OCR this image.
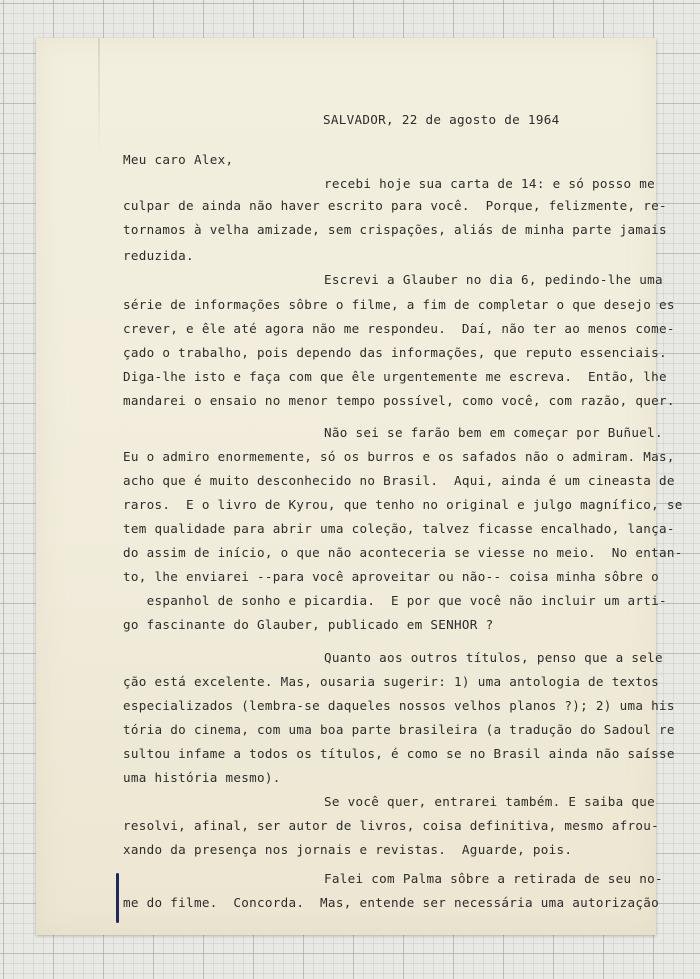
SALVADOR, 22 de agosto de 1964
Meu caro Alex,
recebi hoje sua carta de 14: e só posso me
culpar de ainda não haver escrito para você.  Porque, felizmente, re-
tornamos à velha amizade, sem crispações, aliás de minha parte jamais
reduzida.
Escrevi a Glauber no dia 6, pedindo-lhe uma
série de informações sôbre o filme, a fim de completar o que desejo es
crever, e êle até agora não me respondeu.  Daí, não ter ao menos come-
çado o trabalho, pois dependo das informações, que reputo essenciais.
Diga-lhe isto e faça com que êle urgentemente me escreva.  Então, lhe
mandarei o ensaio no menor tempo possível, como você, com razão, quer.
Não sei se farão bem em começar por Buñuel.
Eu o admiro enormemente, só os burros e os safados não o admiram. Mas,
acho que é muito desconhecido no Brasil.  Aqui, ainda é um cineasta de
raros.  E o livro de Kyrou, que tenho no original e julgo magnífico, se
tem qualidade para abrir uma coleção, talvez ficasse encalhado, lança-
do assim de início, o que não aconteceria se viesse no meio.  No entan-
to, lhe enviarei --para você aproveitar ou não-- coisa minha sôbre o
espanhol de sonho e picardia.  E por que você não incluir um arti-
go fascinante do Glauber, publicado em SENHOR ?
Quanto aos outros títulos, penso que a sele
ção está excelente. Mas, ousaria sugerir: 1) uma antologia de textos
especializados (lembra-se daqueles nossos velhos planos ?); 2) uma his
tória do cinema, com uma boa parte brasileira (a tradução do Sadoul re
sultou infame a todos os títulos, é como se no Brasil ainda não saísse
uma história mesmo).
Se você quer, entrarei também. E saiba que
resolvi, afinal, ser autor de livros, coisa definitiva, mesmo afrou-
xando da presença nos jornais e revistas.  Aguarde, pois.
Falei com Palma sôbre a retirada de seu no-
me do filme.  Concorda.  Mas, entende ser necessária uma autorização
